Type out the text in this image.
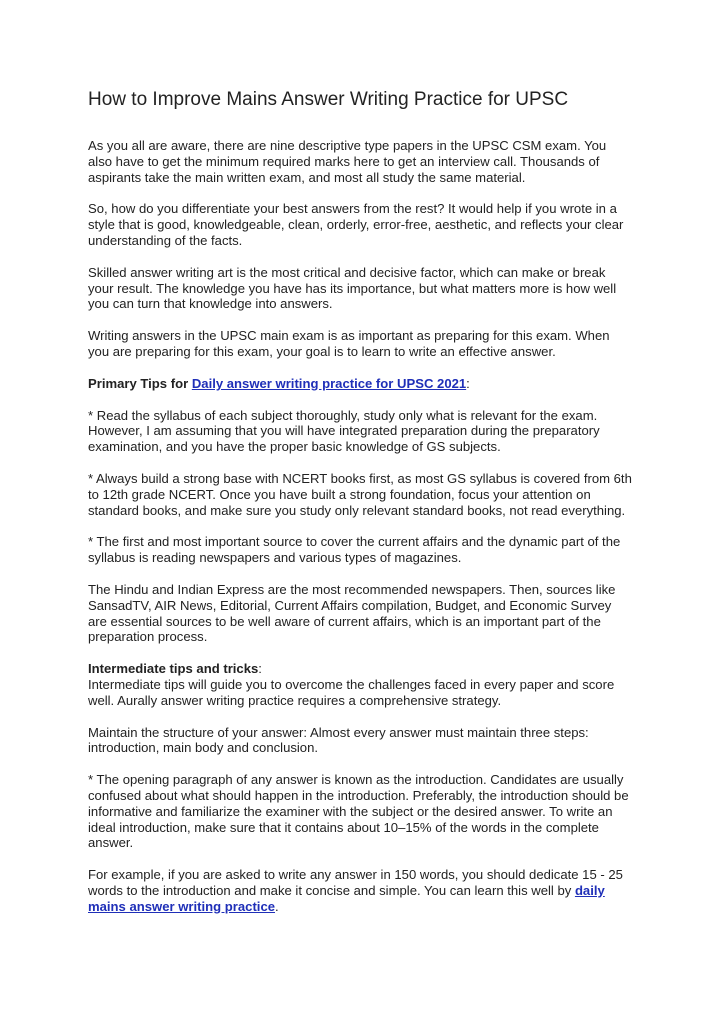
How to Improve Mains Answer Writing Practice for UPSC

As you all are aware, there are nine descriptive type papers in the UPSC CSM exam. You also have to get the minimum required marks here to get an interview call. Thousands of aspirants take the main written exam, and most all study the same material.

So, how do you differentiate your best answers from the rest? It would help if you wrote in a style that is good, knowledgeable, clean, orderly, error-free, aesthetic, and reflects your clear understanding of the facts.

Skilled answer writing art is the most critical and decisive factor, which can make or break your result. The knowledge you have has its importance, but what matters more is how well you can turn that knowledge into answers.

Writing answers in the UPSC main exam is as important as preparing for this exam. When you are preparing for this exam, your goal is to learn to write an effective answer.

Primary Tips for Daily answer writing practice for UPSC 2021:

* Read the syllabus of each subject thoroughly, study only what is relevant for the exam. However, I am assuming that you will have integrated preparation during the preparatory examination, and you have the proper basic knowledge of GS subjects.

* Always build a strong base with NCERT books first, as most GS syllabus is covered from 6th to 12th grade NCERT. Once you have built a strong foundation, focus your attention on standard books, and make sure you study only relevant standard books, not read everything.

* The first and most important source to cover the current affairs and the dynamic part of the syllabus is reading newspapers and various types of magazines.

The Hindu and Indian Express are the most recommended newspapers. Then, sources like SansadTV, AIR News, Editorial, Current Affairs compilation, Budget, and Economic Survey are essential sources to be well aware of current affairs, which is an important part of the preparation process.

Intermediate tips and tricks:
Intermediate tips will guide you to overcome the challenges faced in every paper and score well. Aurally answer writing practice requires a comprehensive strategy.

Maintain the structure of your answer: Almost every answer must maintain three steps: introduction, main body and conclusion.

* The opening paragraph of any answer is known as the introduction. Candidates are usually confused about what should happen in the introduction. Preferably, the introduction should be informative and familiarize the examiner with the subject or the desired answer. To write an ideal introduction, make sure that it contains about 10–15% of the words in the complete answer.

For example, if you are asked to write any answer in 150 words, you should dedicate 15 - 25 words to the introduction and make it concise and simple. You can learn this well by daily mains answer writing practice.
